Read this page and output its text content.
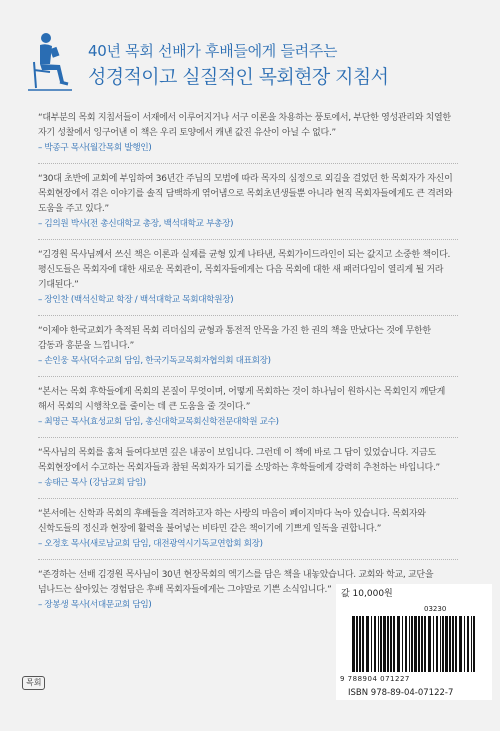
40년 목회 선배가 후배들에게 들려주는
성경적이고 실질적인 목회현장 지침서

“대부분의 목회 지침서들이 서재에서 이루어지거나 서구 이론을 차용하는 풍토에서, 부단한 영성관리와 치열한 자기 성찰에서 잉구어낸 이 책은 우리 토양에서 캐낸 값진 유산이 아닐 수 없다.”

– 박종구 목사(월간목회 발행인)

“30대 초반에 교회에 부임하여 36년간 주님의 모범에 따라 목자의 심정으로 외길을 걸었던 한 목회자가 자신이 목회현장에서 겪은 이야기를 솔직 담백하게 엮어냄으로 목회초년생들뿐 아니라 현직 목회자들에게도 큰 격려와 도움을 주고 있다.”

– 김의원 박사(전 총신대학교 총장, 백석대학교 부총장)

“김경원 목사님께서 쓰신 책은 이론과 실제를 균형 있게 나타낸, 목회가이드라인이 되는 값지고 소중한 책이다. 평신도들은 목회자에 대한 새로운 목회관이, 목회자들에게는 다음 목회에 대한 새 패러다임이 열리게 될 거라 기대된다.”

– 장인찬 (백석신학교 학장 / 백석대학교 목회대학원장)

“이제야 한국교회가 축적된 목회 리더십의 균형과 통전적 안목을 가진 한 권의 책을 만났다는 것에 무한한 감동과 흥분을 느낍니다.”

– 손인웅 목사(덕수교회 담임, 한국기독교목회자협의회 대표회장)

“본서는 목회 후학들에게 목회의 본질이 무엇이며, 어떻게 목회하는 것이 하나님이 원하시는 목회인지 깨닫게 해서 목회의 시행착오를 줄이는 데 큰 도움을 줄 것이다.”

– 최명근 목사(효성교회 담임, 총신대학교목회신학전문대학원 교수)

“목사님의 목회를 훔쳐 들여다보면 깊은 내공이 보입니다. 그런데 이 책에 바로 그 답이 있었습니다. 지금도 목회현장에서 수고하는 목회자들과 참된 목회자가 되기를 소망하는 후학들에게 강력히 추천하는 바입니다.”

– 송태근 목사 (강남교회 담임)

“본서에는 신학과 목회의 후배들을 격려하고자 하는 사랑의 마음이 페이지마다 녹아 있습니다. 목회자와 신학도들의 정신과 현장에 활력을 불어넣는 비타민 같은 책이기에 기쁘게 일독을 권합니다.”

– 오정호 목사(새로남교회 담임, 대전광역시기독교연합회 회장)

“존경하는 선배 김경원 목사님이 30년 현장목회의 엑기스를 담은 책을 내놓았습니다. 교회와 학교, 교단을 넘나드는 살아있는 경험담은 후배 목회자들에게는 그야말로 기쁜 소식입니다.”

– 장봉생 목사(서대문교회 담임)
값 10,000원
03230
9 788904 071227
ISBN 978-89-04-07122-7
목회
